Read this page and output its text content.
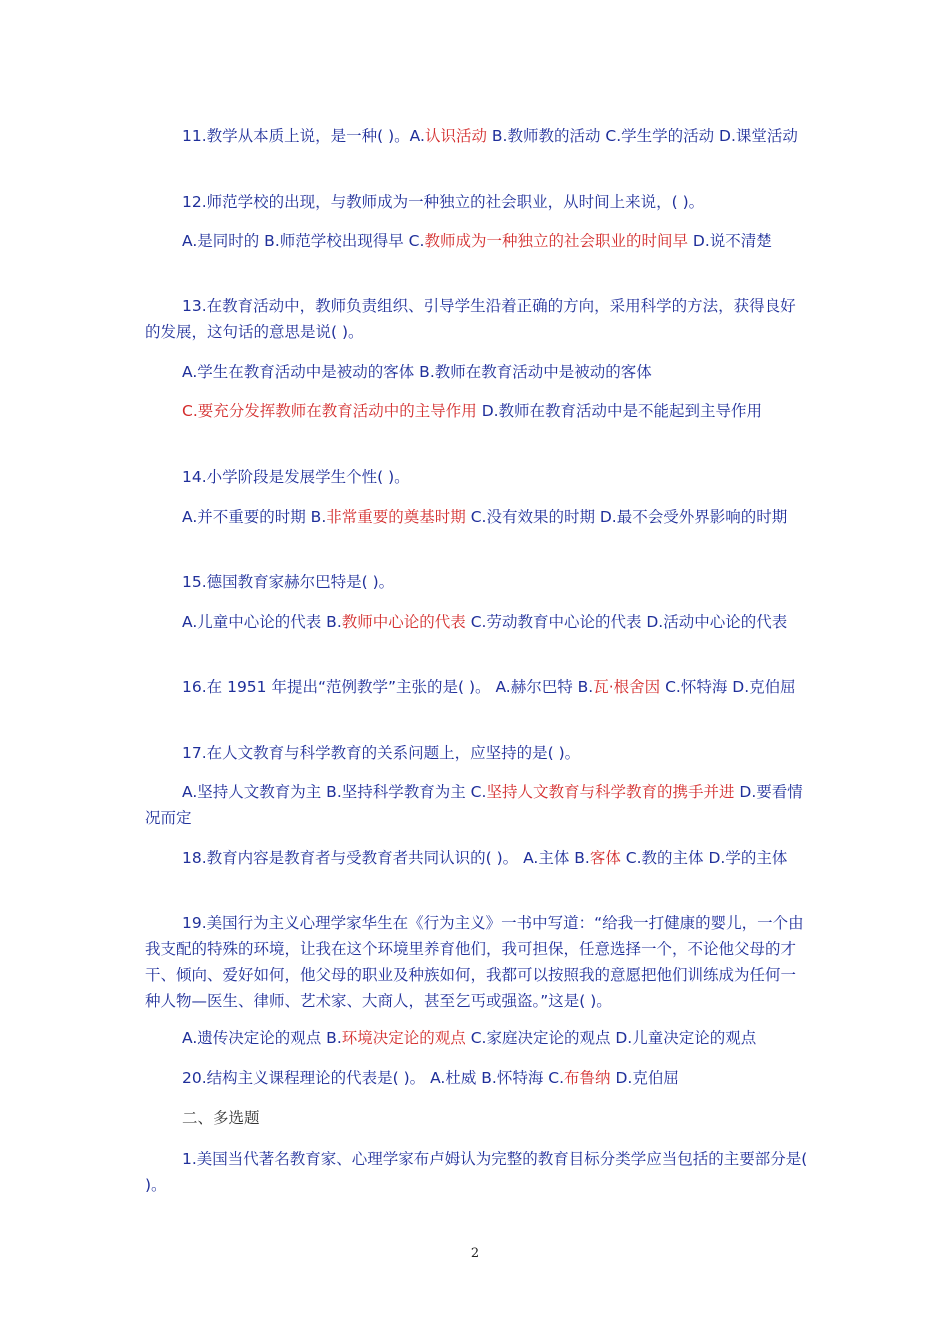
11.教学从本质上说，是一种( )。A.认识活动 B.教师教的活动 C.学生学的活动 D.课堂活动

12.师范学校的出现，与教师成为一种独立的社会职业，从时间上来说，( )。

A.是同时的 B.师范学校出现得早 C.教师成为一种独立的社会职业的时间早 D.说不清楚

13.在教育活动中，教师负责组织、引导学生沿着正确的方向，采用科学的方法，获得良好的发展，这句话的意思是说( )。

A.学生在教育活动中是被动的客体 B.教师在教育活动中是被动的客体

C.要充分发挥教师在教育活动中的主导作用 D.教师在教育活动中是不能起到主导作用

14.小学阶段是发展学生个性( )。

A.并不重要的时期 B.非常重要的奠基时期 C.没有效果的时期 D.最不会受外界影响的时期

15.德国教育家赫尔巴特是( )。

A.儿童中心论的代表 B.教师中心论的代表 C.劳动教育中心论的代表 D.活动中心论的代表

16.在 1951 年提出“范例教学”主张的是( )。 A.赫尔巴特 B.瓦·根舍因 C.怀特海 D.克伯屈

17.在人文教育与科学教育的关系问题上，应坚持的是( )。

A.坚持人文教育为主 B.坚持科学教育为主 C.坚持人文教育与科学教育的携手并进 D.要看情况而定

18.教育内容是教育者与受教育者共同认识的( )。 A.主体 B.客体 C.教的主体 D.学的主体

19.美国行为主义心理学家华生在《行为主义》一书中写道：“给我一打健康的婴儿，一个由我支配的特殊的环境，让我在这个环境里养育他们，我可担保，任意选择一个，不论他父母的才干、倾向、爱好如何，他父母的职业及种族如何，我都可以按照我的意愿把他们训练成为任何一种人物—医生、律师、艺术家、大商人，甚至乞丐或强盗。”这是( )。

A.遗传决定论的观点 B.环境决定论的观点 C.家庭决定论的观点 D.儿童决定论的观点

20.结构主义课程理论的代表是( )。 A.杜威 B.怀特海 C.布鲁纳 D.克伯屈

二、多选题

1.美国当代著名教育家、心理学家布卢姆认为完整的教育目标分类学应当包括的主要部分是( )。

2
